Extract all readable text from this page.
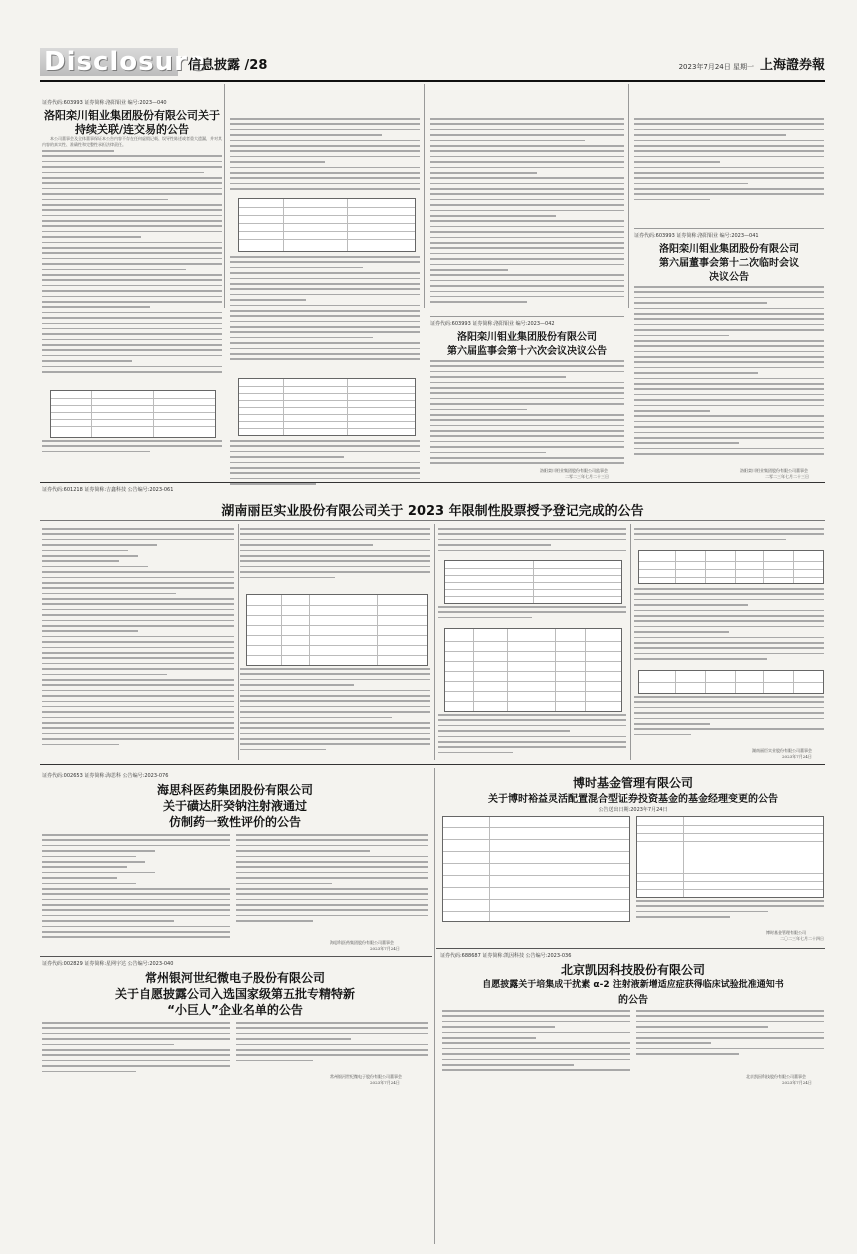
Disclosure
信息披露 /28	2023年7月24日 星期一 上海證券報
证券代码:603993 证券简称:洛阳钼业 编号:2023—040
洛阳栾川钼业集团股份有限公司关于
持续关联/连交易的公告
本公司董事会及全体董事保证本公告内容不存在任何虚假记载、误导性陈述或者重大遗漏，并对其内容的真实性、准确性和完整性承担法律责任。
证券代码:603993 证券简称:洛阳钼业 编号:2023—042
洛阳栾川钼业集团股份有限公司
第六届监事会第十六次会议决议公告
洛阳栾川钼业集团股份有限公司监事会
二零二三年七月二十三日
证券代码:603993 证券简称:洛阳钼业 编号:2023—041
洛阳栾川钼业集团股份有限公司
第六届董事会第十二次临时会议
决议公告
洛阳栾川钼业集团股份有限公司董事会
二零二三年七月二十三日
证券代码:601218 证券简称:吉鑫科技 公告编号:2023-061
湖南丽臣实业股份有限公司关于 2023 年限制性股票授予登记完成的公告
湖南丽臣实业股份有限公司董事会
2023年7月24日
证券代码:002653 证券简称:海思科 公告编号:2023-076
海思科医药集团股份有限公司
关于磺达肝癸钠注射液通过
仿制药一致性评价的公告
海思科医药集团股份有限公司董事会
2023年7月24日
证券代码:002829 证券简称:星网宇达 公告编号:2023-040
常州银河世纪微电子股份有限公司
关于自愿披露公司入选国家级第五批专精特新
“小巨人”企业名单的公告
常州银河世纪微电子股份有限公司董事会
2023年7月24日
博时基金管理有限公司
关于博时裕益灵活配置混合型证券投资基金的基金经理变更的公告
公告送出日期:2023年7月24日
博时基金管理有限公司
二〇二三年七月二十四日
证券代码:688687 证券简称:凯因科技 公告编号:2023-036
北京凯因科技股份有限公司
自愿披露关于培集成干扰素 α-2 注射液新增适应症获得临床试验批准通知书
的公告
北京凯因科技股份有限公司董事会
2023年7月24日
